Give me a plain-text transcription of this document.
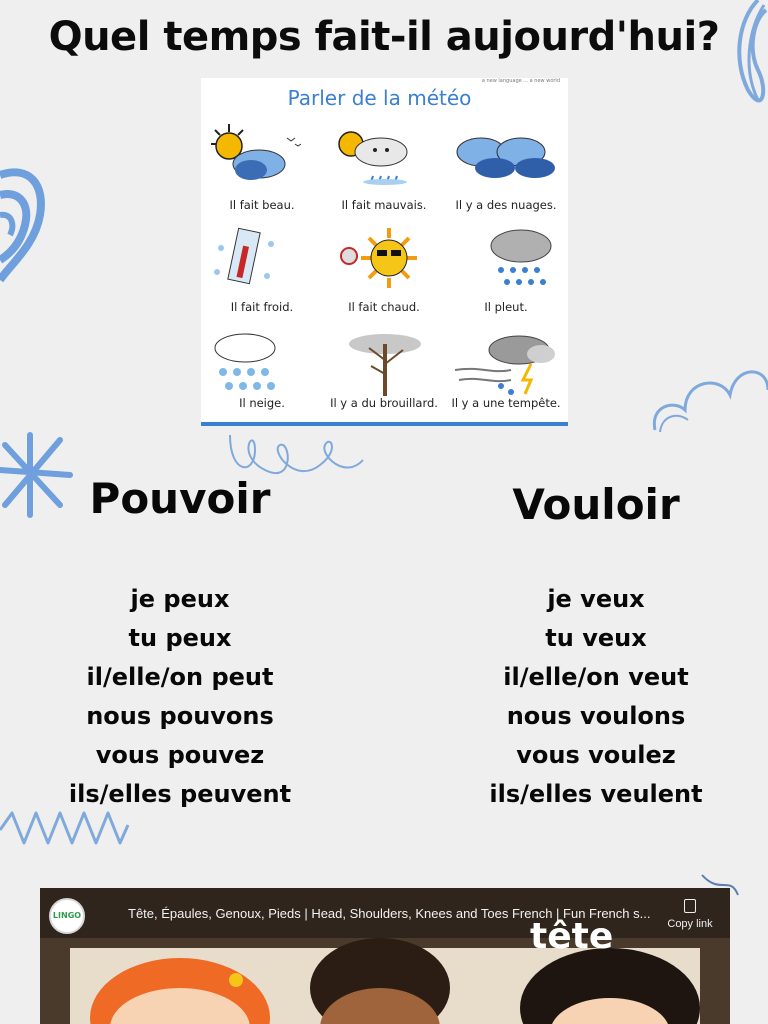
Quel temps fait-il aujourd'hui?
Parler de la météo
a new language ... a new world
Il fait beau.	Il fait mauvais.	Il y a des nuages.
Il fait froid.	Il fait chaud.	Il pleut.
Il neige.	Il y a du brouillard.	Il y a une tempête.
Pouvoir
je peux
tu peux
il/elle/on peut
nous pouvons
vous pouvez
ils/elles peuvent
Vouloir
je veux
tu veux
il/elle/on veut
nous voulons
vous voulez
ils/elles veulent
LINGO	Tête, Épaules, Genoux, Pieds | Head, Shoulders, Knees and Toes French | Fun French s...
Copy link
tête
